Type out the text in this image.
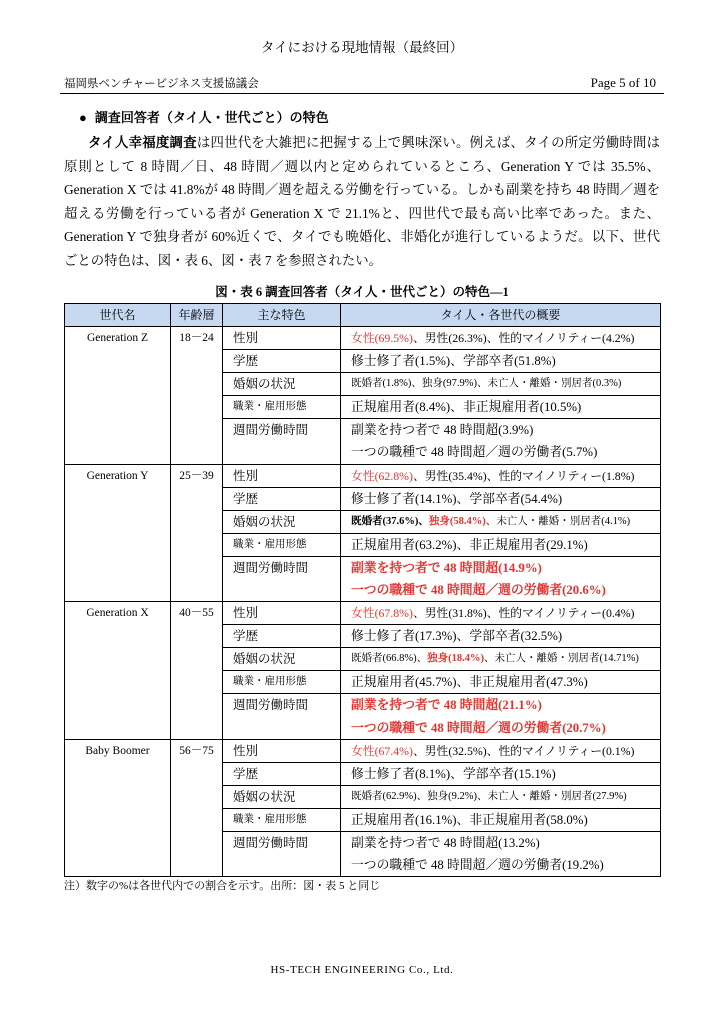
タイにおける現地情報（最終回）
福岡県ベンチャービジネス支援協議会	Page 5 of 10
● 調査回答者（タイ人・世代ごと）の特色

タイ人幸福度調査は四世代を大雑把に把握する上で興味深い。例えば、タイの所定労働時間は原則として 8 時間／日、48 時間／週以内と定められているところ、Generation Y では 35.5%、Generation X では 41.8%が 48 時間／週を超える労働を行っている。しかも副業を持ち 48 時間／週を超える労働を行っている者が Generation X で 21.1%と、四世代で最も高い比率であった。また、Generation Y で独身者が 60%近くで、タイでも晩婚化、非婚化が進行しているようだ。以下、世代ごとの特色は、図・表 6、図・表 7 を参照されたい。

図・表 6 調査回答者（タイ人・世代ごと）の特色—1
世代名	年齢層	主な特色	タイ人・各世代の概要
Generation Z	18－24	性別	女性(69.5%)、男性(26.3%)、性的マイノリティー(4.2%)
		学歴	修士修了者(1.5%)、学部卒者(51.8%)
		婚姻の状況	既婚者(1.8%)、独身(97.9%)、未亡人・離婚・別居者(0.3%)
		職業・雇用形態	正規雇用者(8.4%)、非正規雇用者(10.5%)
		週間労働時間	副業を持つ者で 48 時間超(3.9%)
			一つの職種で 48 時間超／週の労働者(5.7%)
Generation Y	25－39	性別	女性(62.8%)、男性(35.4%)、性的マイノリティー(1.8%)
		学歴	修士修了者(14.1%)、学部卒者(54.4%)
		婚姻の状況	既婚者(37.6%)、独身(58.4%)、未亡人・離婚・別居者(4.1%)
		職業・雇用形態	正規雇用者(63.2%)、非正規雇用者(29.1%)
		週間労働時間	副業を持つ者で 48 時間超(14.9%)
			一つの職種で 48 時間超／週の労働者(20.6%)
Generation X	40－55	性別	女性(67.8%)、男性(31.8%)、性的マイノリティー(0.4%)
		学歴	修士修了者(17.3%)、学部卒者(32.5%)
		婚姻の状況	既婚者(66.8%)、独身(18.4%)、未亡人・離婚・別居者(14.71%)
		職業・雇用形態	正規雇用者(45.7%)、非正規雇用者(47.3%)
		週間労働時間	副業を持つ者で 48 時間超(21.1%)
			一つの職種で 48 時間超／週の労働者(20.7%)
Baby Boomer	56－75	性別	女性(67.4%)、男性(32.5%)、性的マイノリティー(0.1%)
		学歴	修士修了者(8.1%)、学部卒者(15.1%)
		婚姻の状況	既婚者(62.9%)、独身(9.2%)、未亡人・離婚・別居者(27.9%)
		職業・雇用形態	正規雇用者(16.1%)、非正規雇用者(58.0%)
		週間労働時間	副業を持つ者で 48 時間超(13.2%)
			一つの職種で 48 時間超／週の労働者(19.2%)
注）数字の%は各世代内での割合を示す。出所：図・表 5 と同じ
HS-TECH ENGINEERING Co., Ltd.
